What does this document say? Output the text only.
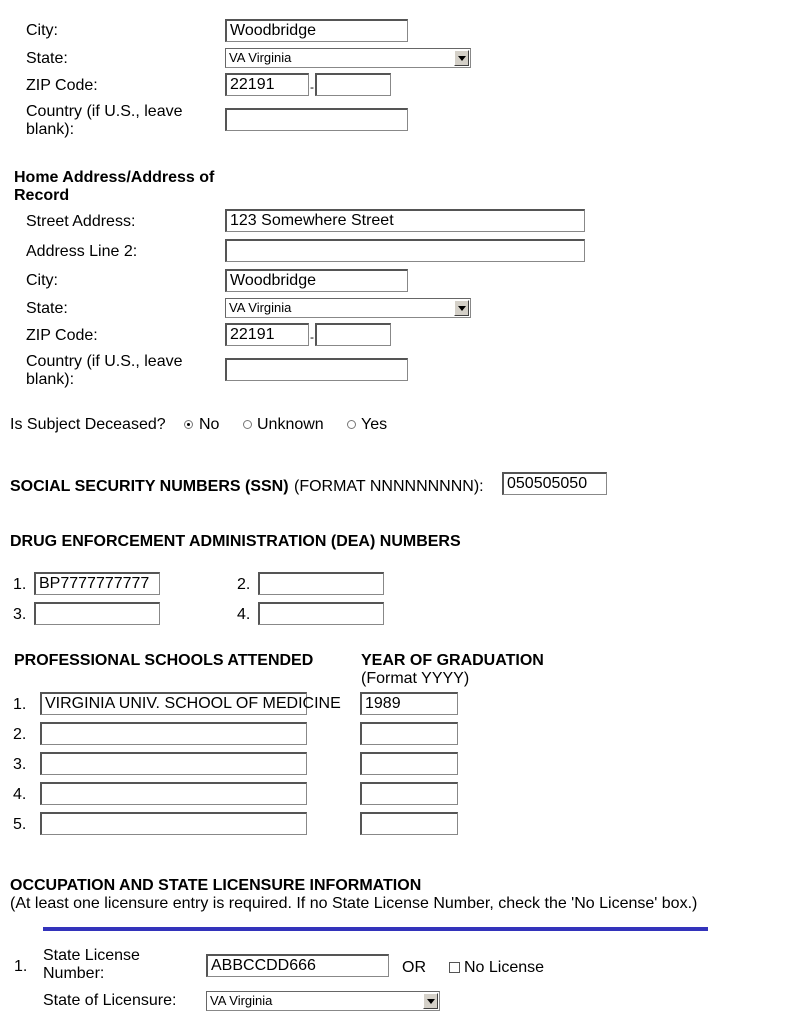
City:	Woodbridge
State:	VA Virginia
ZIP Code:	22191	-
Country (if U.S., leave blank):
Home Address/Address of Record
Street Address:	123 Somewhere Street
Address Line 2:
City:	Woodbridge
State:	VA Virginia
ZIP Code:	22191	-
Country (if U.S., leave blank):
Is Subject Deceased? No Unknown Yes
SOCIAL SECURITY NUMBERS (SSN) (FORMAT NNNNNNNNN):	050505050
DRUG ENFORCEMENT ADMINISTRATION (DEA) NUMBERS
1. BP7777777777	2.
3.	4.
PROFESSIONAL SCHOOLS ATTENDED	YEAR OF GRADUATION
(Format YYYY)
1.	VIRGINIA UNIV. SCHOOL OF MEDICINE	1989
2.
3.
4.
5.
OCCUPATION AND STATE LICENSURE INFORMATION
(At least one licensure entry is required. If no State License Number, check the 'No License' box.)
1.
State License Number:	ABBCCDD666	OR No License
State of Licensure:	VA Virginia
